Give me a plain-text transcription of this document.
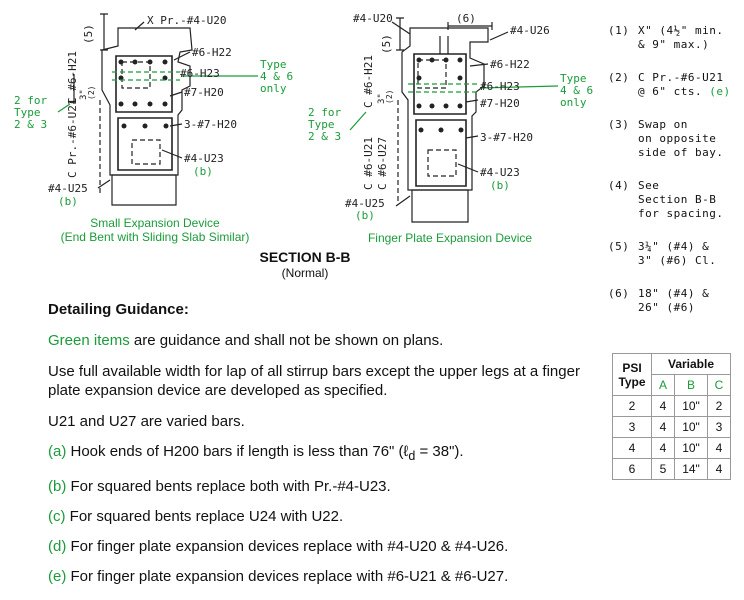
X Pr.-#4-U20
(5)
#6-H22
#6-H23
#7-H20
C #6-H21 3"
(2)
3-#7-H20
#4-U23
(b)
C Pr.-#6-U21
#4-U25
(b)
Type 4 & 6 only
2 for Type 2 & 3
#4-U20	(6)
#4-U26
(5)
#6-H22
#6-H23
#7-H20
C #6-H21 3"
(2)
3-#7-H20
#4-U23
(b)
C #6-U21 C #6-U27
#4-U25
(b)
Type 4 & 6 only
2 for Type 2 & 3
Small Expansion Device
(End Bent with Sliding Slab Similar)	Finger Plate Expansion Device
SECTION B-B
(Normal)
(1) X" (4½" min.
& 9" max.)
(2) C Pr.-#6-U21
@ 6" cts. (e)
(3) Swap on
on opposite
side of bay.
(4) See
Section B-B
for spacing.
(5) 3¼" (#4) &
3" (#6) Cl.
(6) 18" (#4) &
26" (#6)
Detailing Guidance:

Green items are guidance and shall not be shown on plans.

Use full available width for lap of all stirrup bars except the upper legs at a finger plate expansion device are developed as specified.

U21 and U27 are varied bars.

(a) Hook ends of H200 bars if length is less than 76" (ℓ$_d$ = 38").

(b) For squared bents replace both with Pr.-#4-U23.

(c) For squared bents replace U24 with U22.

(d) For finger plate expansion devices replace with #4-U20 & #4-U26.

(e) For finger plate expansion devices replace with #6-U21 & #6-U27.

PSI
Type	Variable		
	A	B	C
2	4	10"	2
3	4	10"	3
4	4	10"	4
6	5	14"	4
